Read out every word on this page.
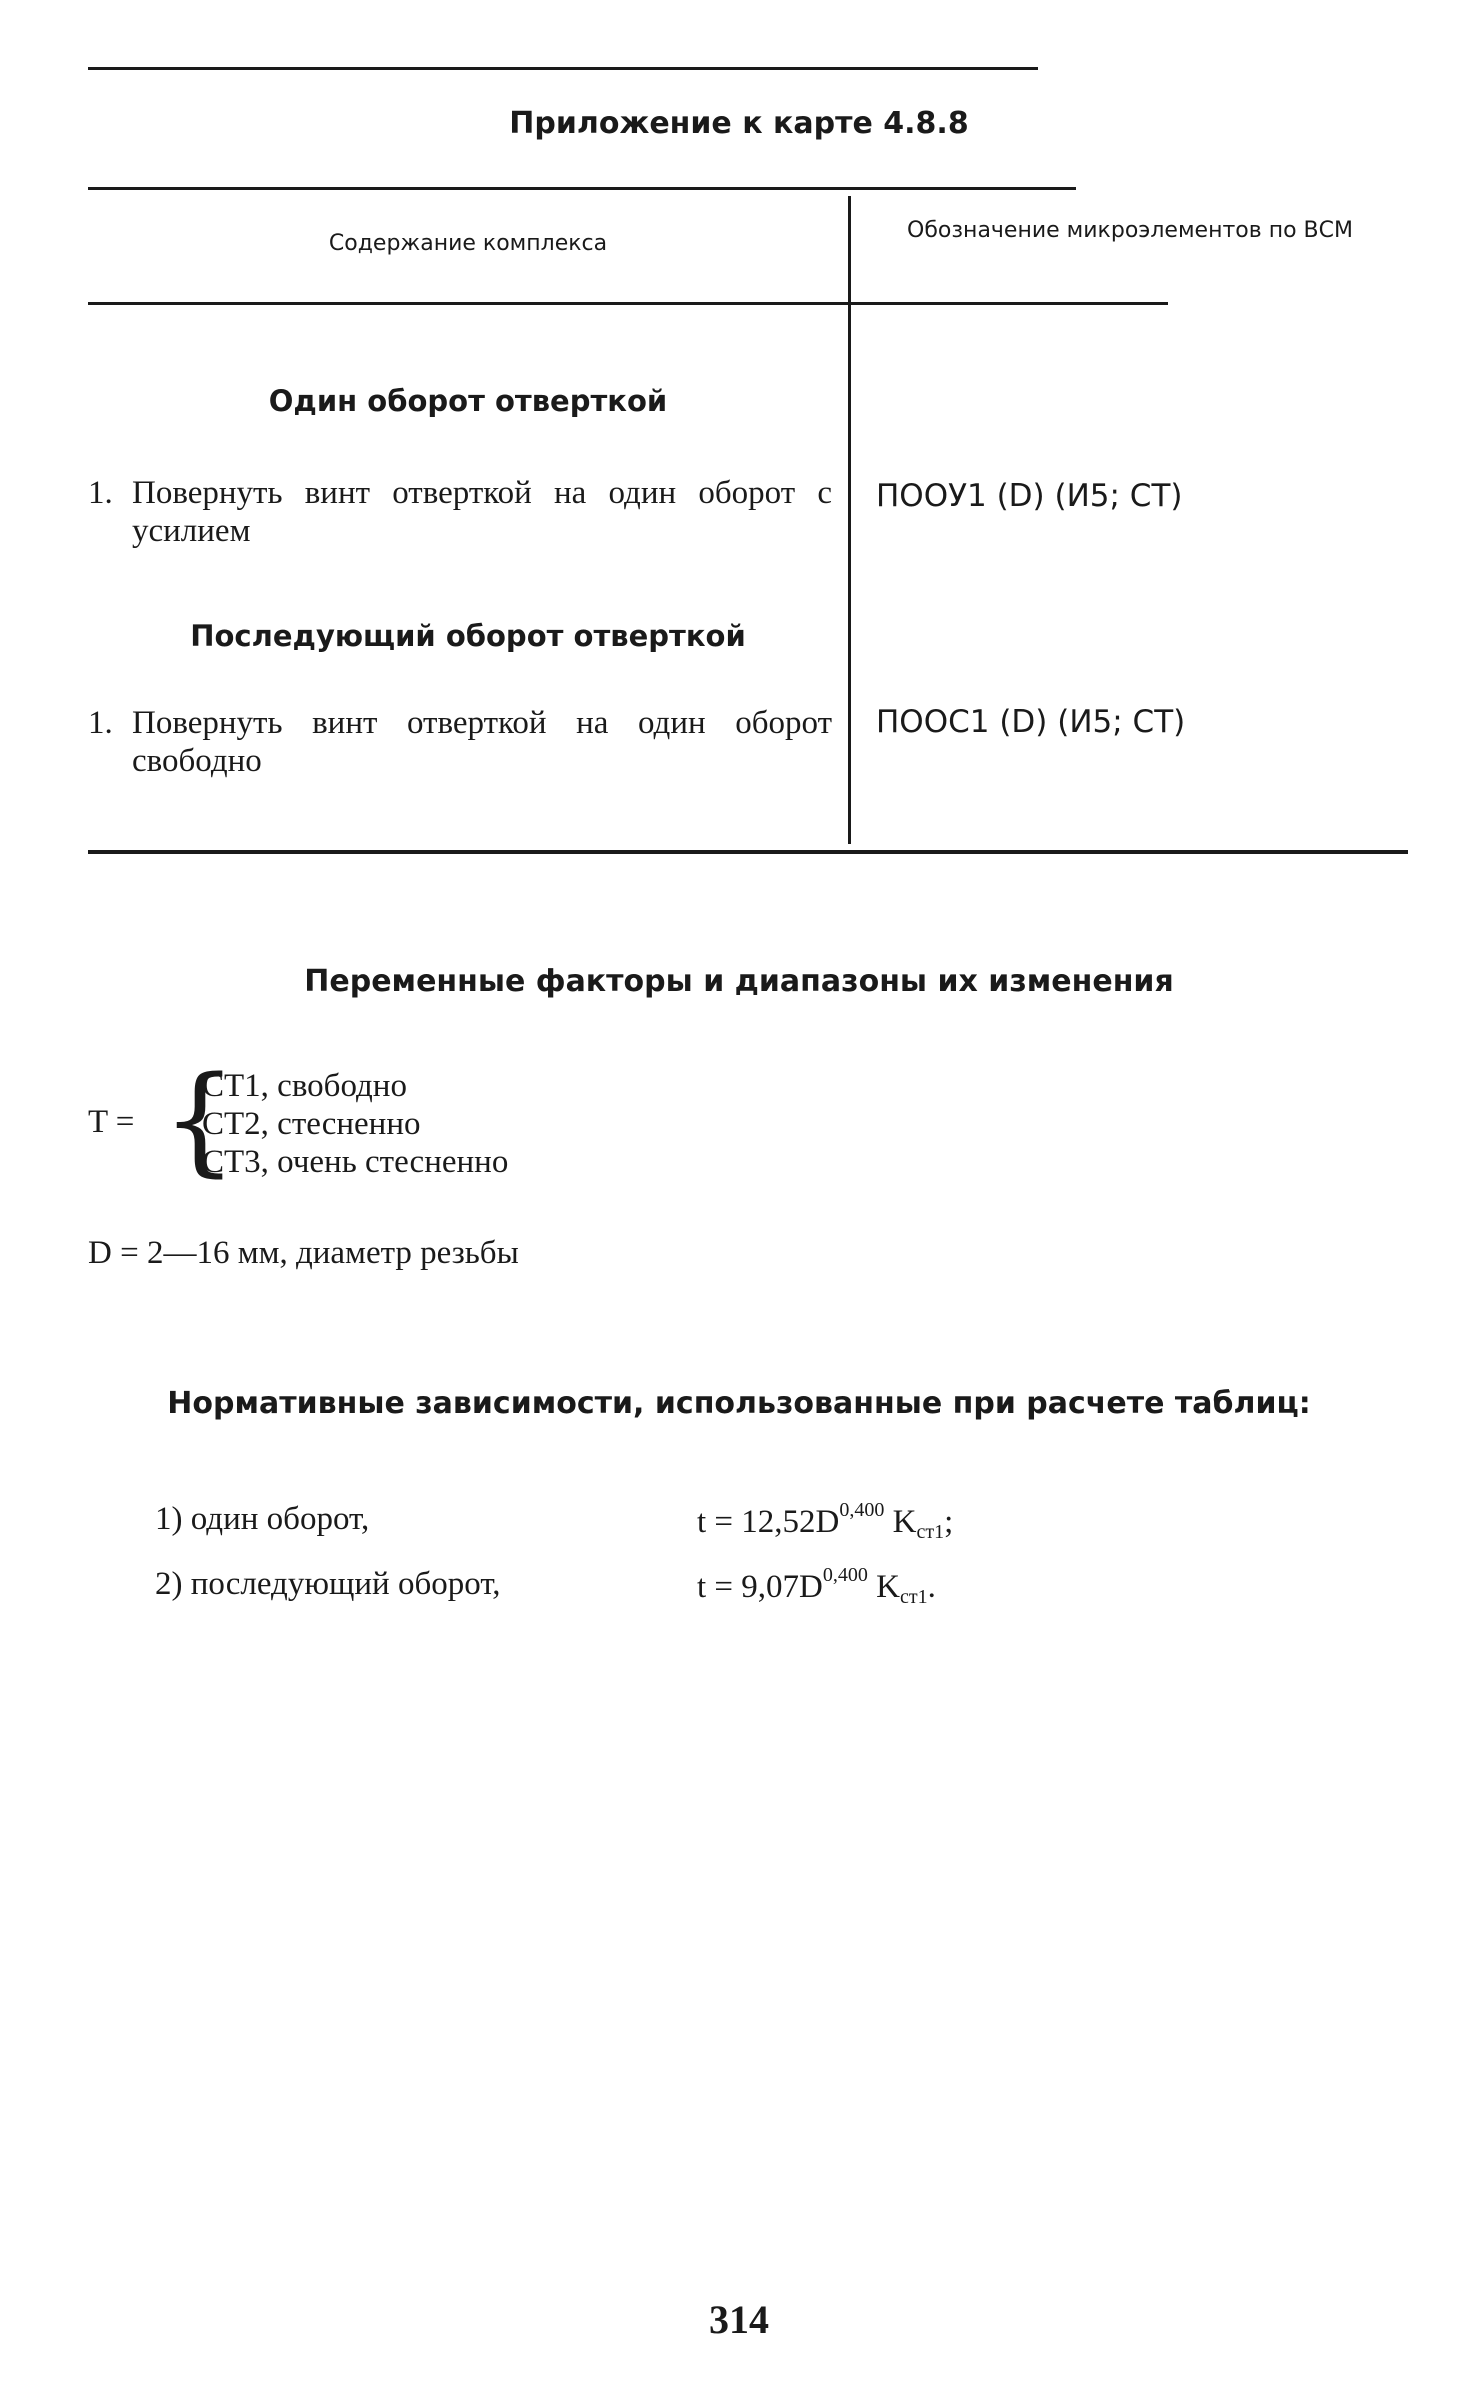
Приложение к карте 4.8.8
Содержание комплекса
Обозначение микроэлементов по ВСМ
Один оборот отверткой
1. Повернуть винт отверткой на один оборот с усилием
ПООУ1 (D) (И5; СТ)
Последующий оборот отверткой
1. Повернуть винт отверткой на один оборот свободно
ПООС1 (D) (И5; СТ)
Переменные факторы и диапазоны их изменения
T = {
СТ1, свободно
СТ2, стесненно
СТ3, очень стесненно
D = 2—16 мм, диаметр резьбы
Нормативные зависимости, использованные при расчете таблиц:
1) один оборот,	$t = 12,52D^{0,400}$ $K_{ст1}$;
2) последующий оборот,	$t = 9,07D^{0,400}$ $K_{ст1}$.
314
